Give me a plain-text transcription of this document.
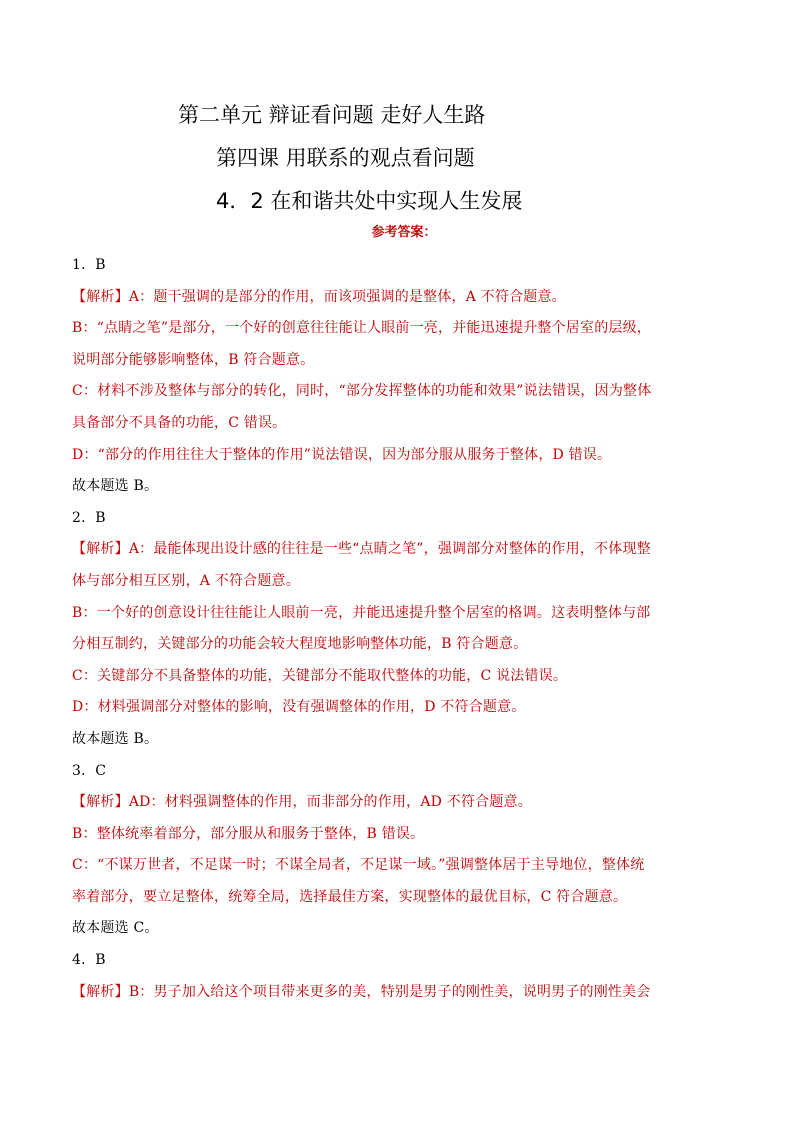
第二单元 辩证看问题 走好人生路
第四课 用联系的观点看问题
4．2 在和谐共处中实现人生发展
参考答案：
1．B
【解析】A：题干强调的是部分的作用，而该项强调的是整体，A 不符合题意。
B：“点睛之笔”是部分，一个好的创意往往能让人眼前一亮，并能迅速提升整个居室的层级，
说明部分能够影响整体，B 符合题意。
C：材料不涉及整体与部分的转化，同时，“部分发挥整体的功能和效果”说法错误，因为整体
具备部分不具备的功能，C 错误。
D：“部分的作用往往大于整体的作用”说法错误，因为部分服从服务于整体，D 错误。
故本题选 B。
2．B
【解析】A：最能体现出设计感的往往是一些“点睛之笔”，强调部分对整体的作用，不体现整
体与部分相互区别，A 不符合题意。
B：一个好的创意设计往往能让人眼前一亮，并能迅速提升整个居室的格调。这表明整体与部
分相互制约，关键部分的功能会较大程度地影响整体功能，B 符合题意。
C：关键部分不具备整体的功能，关键部分不能取代整体的功能，C 说法错误。
D：材料强调部分对整体的影响，没有强调整体的作用，D 不符合题意。
故本题选 B。
3．C
【解析】AD：材料强调整体的作用，而非部分的作用，AD 不符合题意。
B：整体统率着部分，部分服从和服务于整体，B 错误。
C：“不谋万世者，不足谋一时；不谋全局者，不足谋一域。”强调整体居于主导地位，整体统
率着部分，要立足整体，统筹全局，选择最佳方案，实现整体的最优目标，C 符合题意。
故本题选 C。
4．B
【解析】B：男子加入给这个项目带来更多的美，特别是男子的刚性美，说明男子的刚性美会
